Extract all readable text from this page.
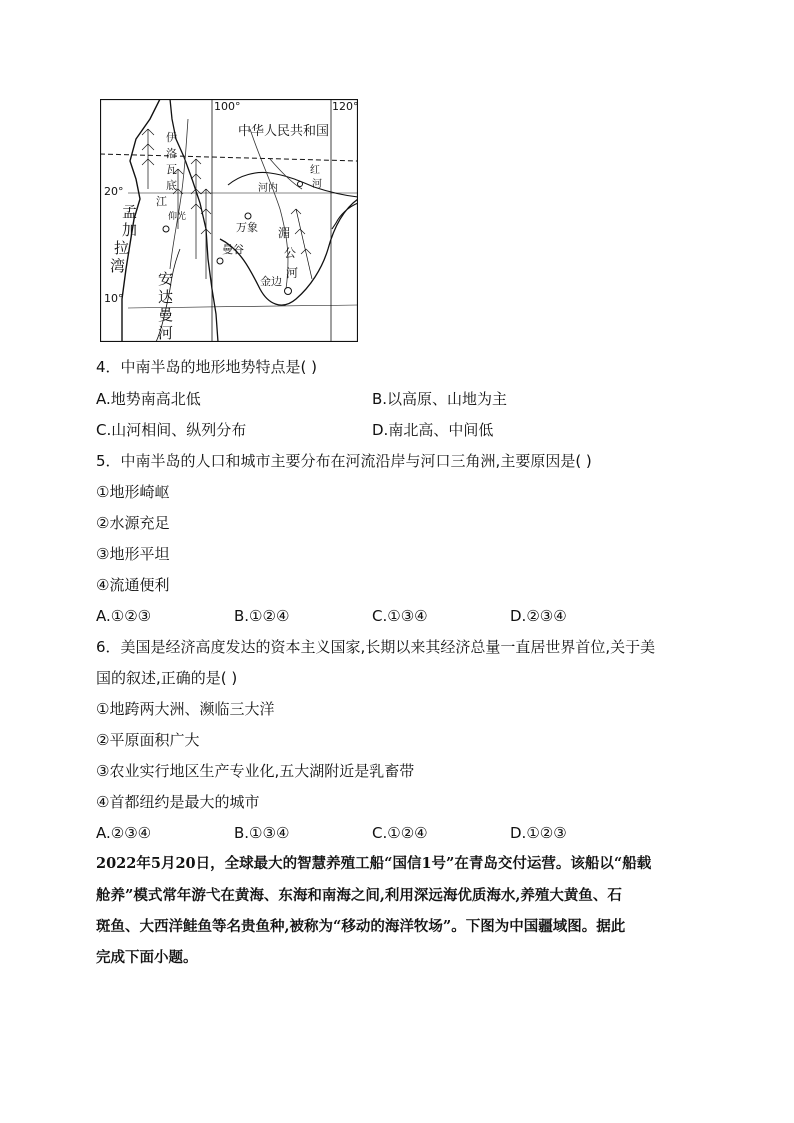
100°	120°
20°
10°
中华人民共和国
孟
加
拉
湾
安
达
曼
河
伊
洛
瓦
底
江
湄
公
河
红
河
河内
仰光
万象
曼谷
金边
4．中南半岛的地形地势特点是( )
A.地势南高北低	B.以高原、山地为主
C.山河相间、纵列分布	D.南北高、中间低
5．中南半岛的人口和城市主要分布在河流沿岸与河口三角洲,主要原因是( )
①地形崎岖
②水源充足
③地形平坦
④流通便利
A.①②③	B.①②④	C.①③④	D.②③④
6．美国是经济高度发达的资本主义国家,长期以来其经济总量一直居世界首位,关于美
国的叙述,正确的是( )
①地跨两大洲、濒临三大洋
②平原面积广大
③农业实行地区生产专业化,五大湖附近是乳畜带
④首都纽约是最大的城市
A.②③④	B.①③④	C.①②④	D.①②③
2022年5月20日，全球最大的智慧养殖工船“国信1号”在青岛交付运营。该船以“船载
舱养”模式常年游弋在黄海、东海和南海之间,利用深远海优质海水,养殖大黄鱼、石
斑鱼、大西洋鲑鱼等名贵鱼种,被称为“移动的海洋牧场”。下图为中国疆域图。据此
完成下面小题。
